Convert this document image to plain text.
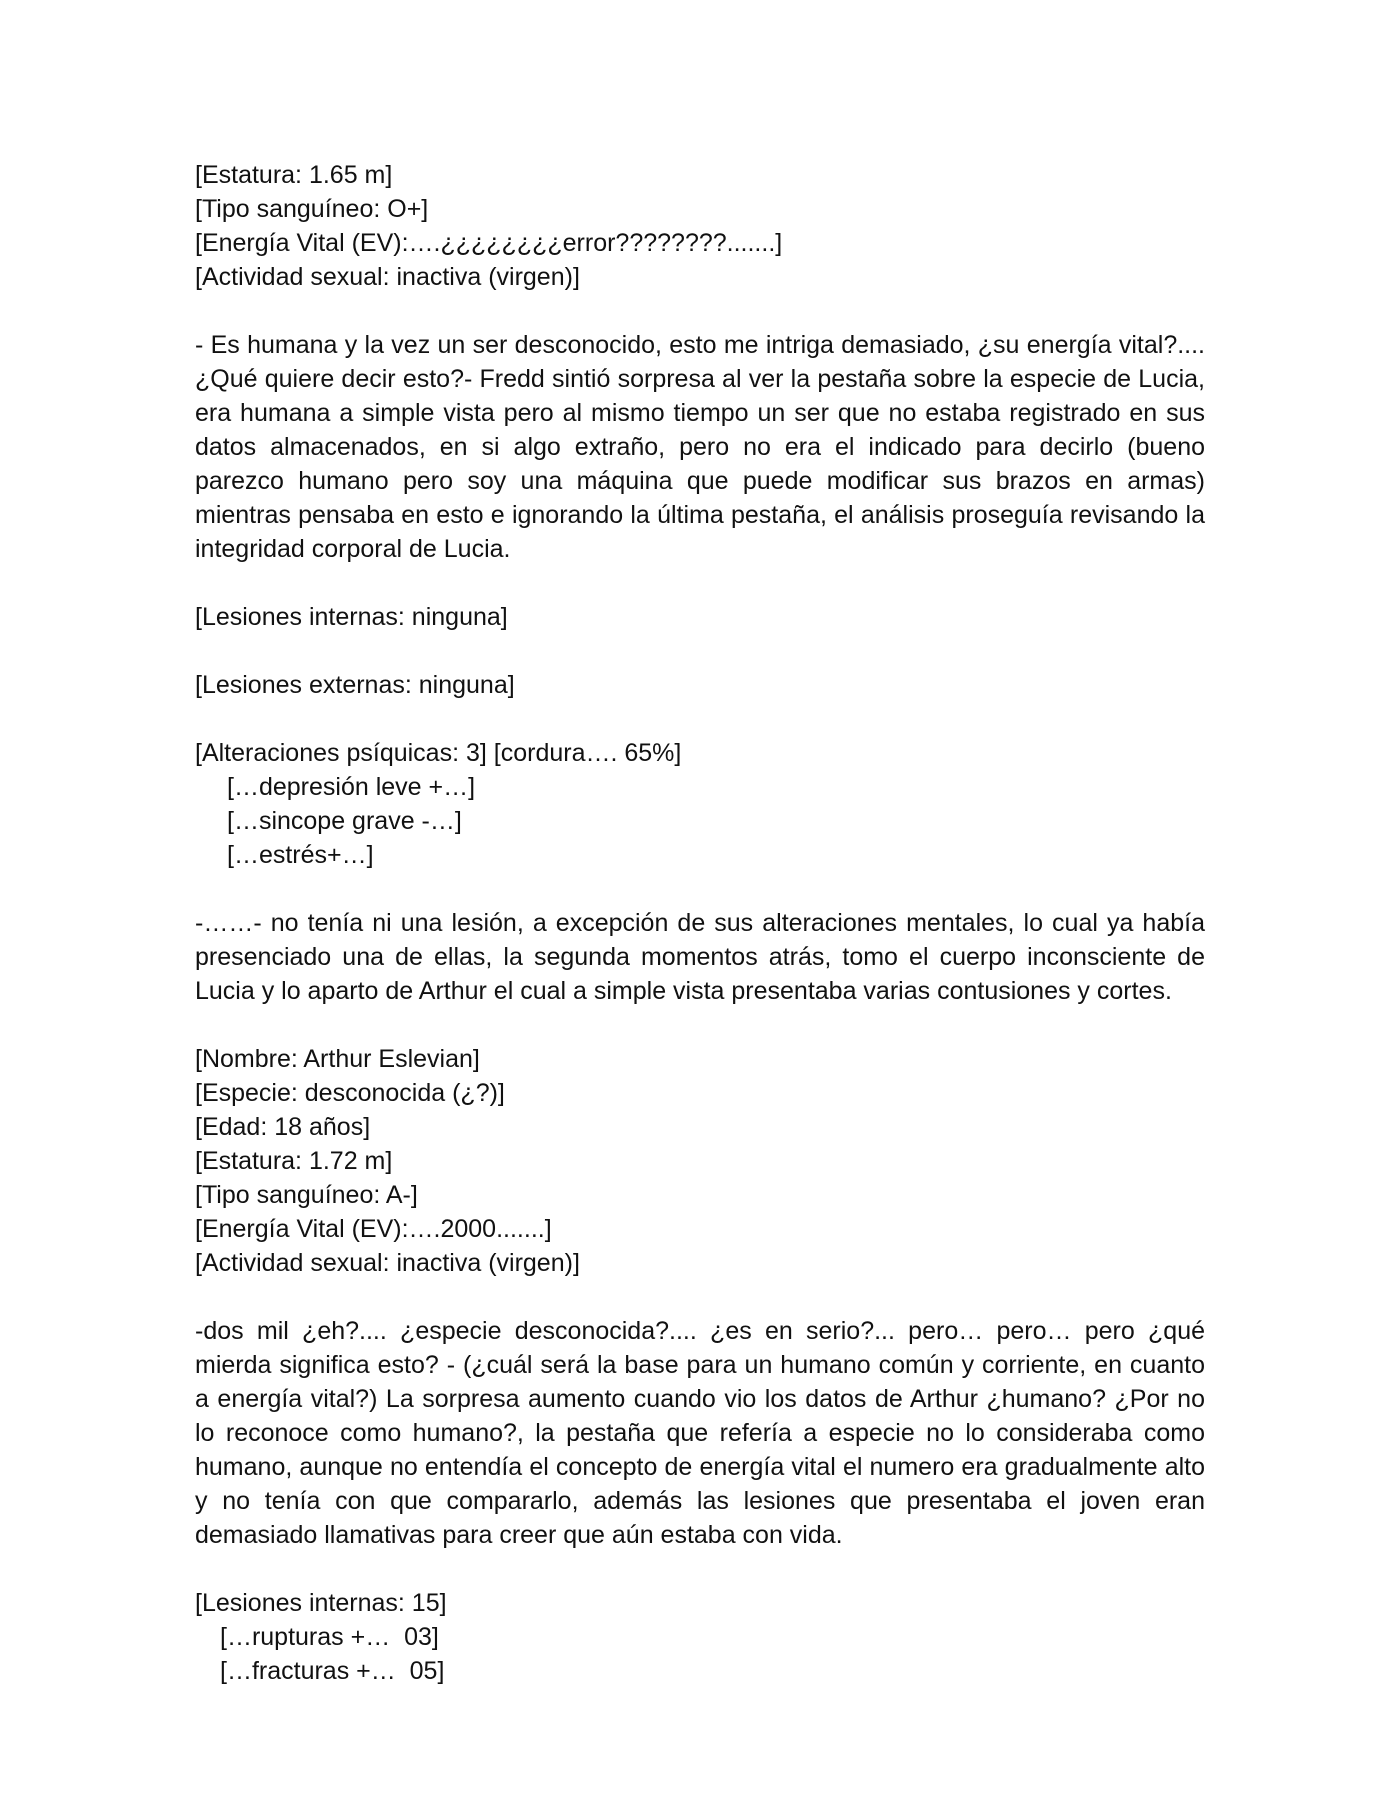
[Estatura: 1.65 m]
[Tipo sanguíneo: O+]
[Energía Vital (EV):….¿¿¿¿¿¿¿¿error????????.......]
[Actividad sexual: inactiva (virgen)]

- Es humana y la vez un ser desconocido, esto me intriga demasiado, ¿su energía vital?.... ¿Qué quiere decir esto?- Fredd sintió sorpresa al ver la pestaña sobre la especie de Lucia, era humana a simple vista pero al mismo tiempo un ser que no estaba registrado en sus datos almacenados, en si algo extraño, pero no era el indicado para decirlo (bueno parezco humano pero soy una máquina que puede modificar sus brazos en armas) mientras pensaba en esto e ignorando la última pestaña, el análisis proseguía revisando la integridad corporal de Lucia.

[Lesiones internas: ninguna]
[Lesiones externas: ninguna]
[Alteraciones psíquicas: 3] [cordura…. 65%]
[…depresión leve +…]
[…sincope grave -…]
[…estrés+…]

-……- no tenía ni una lesión, a excepción de sus alteraciones mentales, lo cual ya había presenciado una de ellas, la segunda momentos atrás, tomo el cuerpo inconsciente de Lucia y lo aparto de Arthur el cual a simple vista presentaba varias contusiones y cortes.

[Nombre: Arthur Eslevian]
[Especie: desconocida (¿?)]
[Edad: 18 años]
[Estatura: 1.72 m]
[Tipo sanguíneo: A-]
[Energía Vital (EV):….2000.......]
[Actividad sexual: inactiva (virgen)]

-dos mil ¿eh?.... ¿especie desconocida?.... ¿es en serio?... pero… pero… pero ¿qué mierda significa esto? - (¿cuál será la base para un humano común y corriente, en cuanto a energía vital?) La sorpresa aumento cuando vio los datos de Arthur ¿humano? ¿Por no lo reconoce como humano?, la pestaña que refería a especie no lo consideraba como humano, aunque no entendía el concepto de energía vital el numero era gradualmente alto y no tenía con que compararlo, además las lesiones que presentaba el joven eran demasiado llamativas para creer que aún estaba con vida.

[Lesiones internas: 15]
[…rupturas +…  03]
[…fracturas +…  05]
